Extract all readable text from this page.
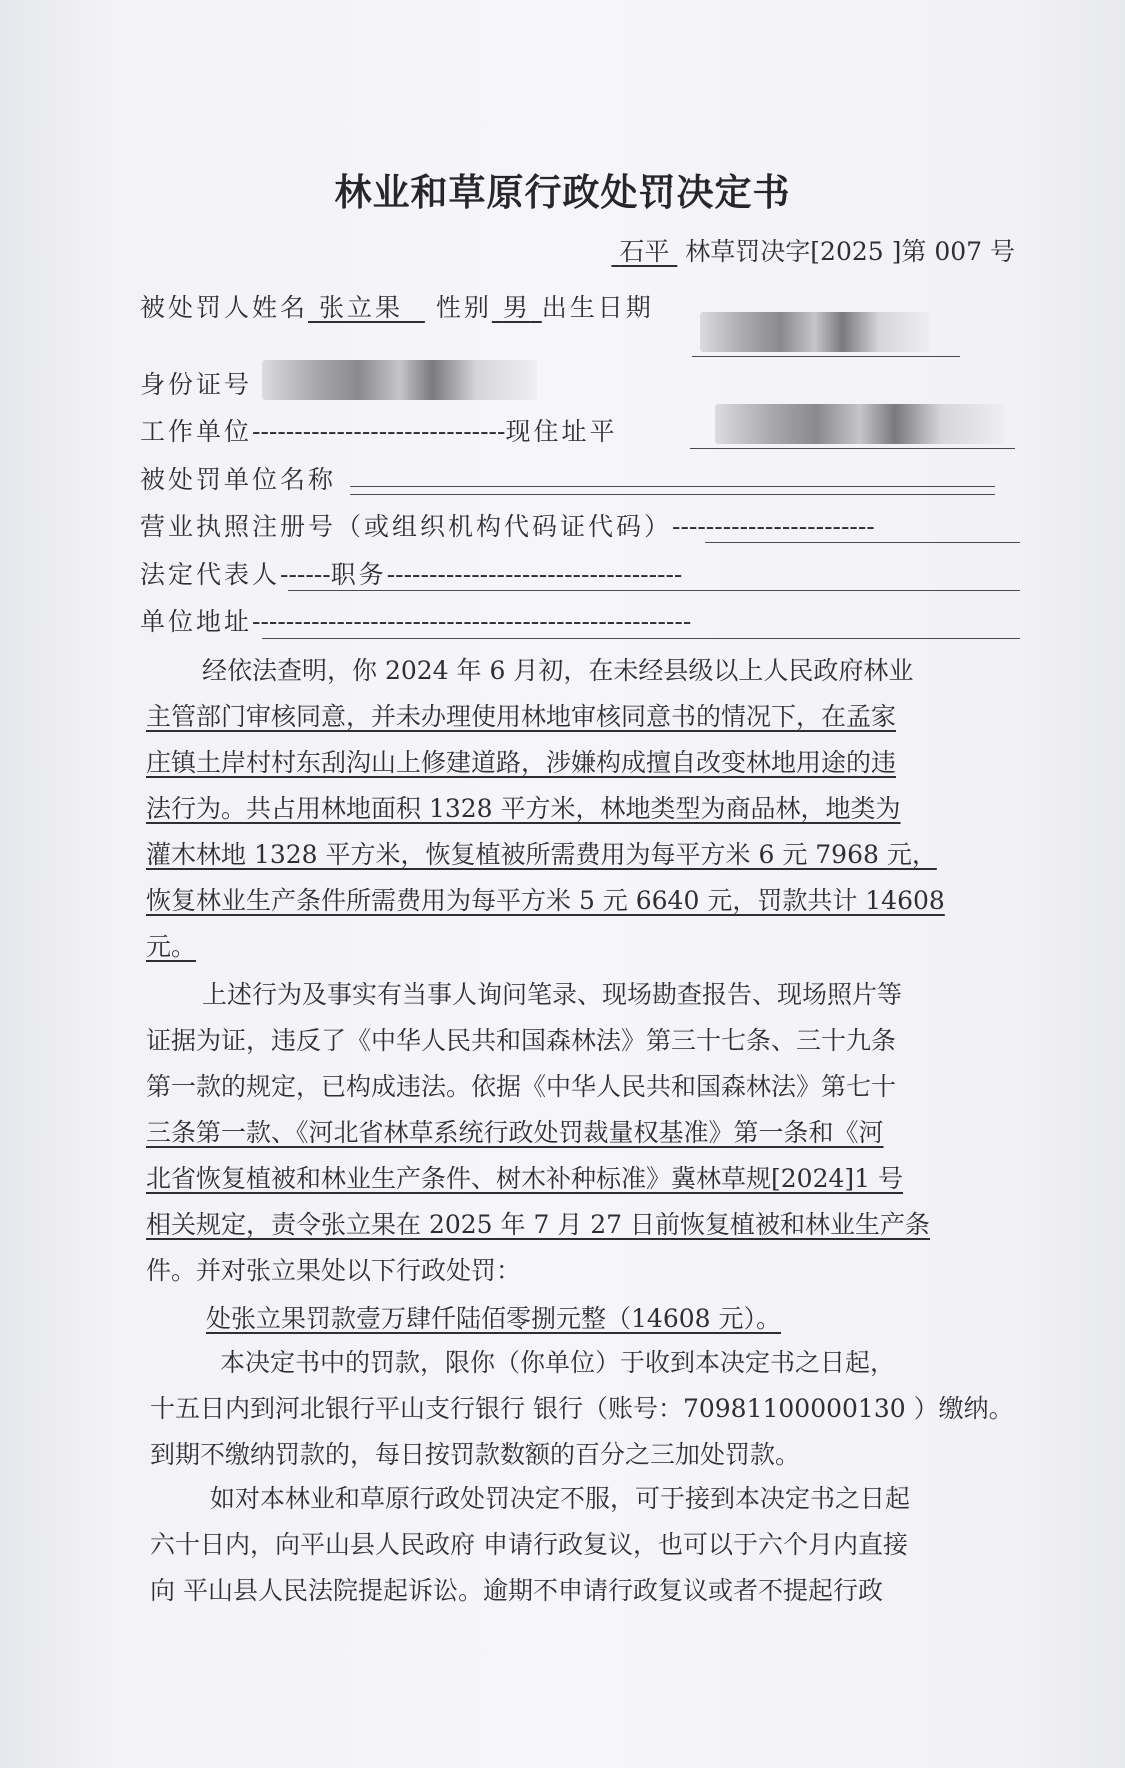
林业和草原行政处罚决定书
石平 林草罚决字[2025 ]第 007 号
被处罚人姓名 张立果 性别 男 出生日期
身份证号
工作单位------------------------------现住址平
被处罚单位名称
营业执照注册号（或组织机构代码证代码）------------------------
法定代表人------职务-----------------------------------
单位地址----------------------------------------------------
经依法查明，你 2024 年 6 月初，在未经县级以上人民政府林业
主管部门审核同意，并未办理使用林地审核同意书的情况下，在孟家
庄镇土岸村村东刮沟山上修建道路，涉嫌构成擅自改变林地用途的违
法行为。共占用林地面积 1328 平方米，林地类型为商品林，地类为
灌木林地 1328 平方米，恢复植被所需费用为每平方米 6 元 7968 元，
恢复林业生产条件所需费用为每平方米 5 元 6640 元，罚款共计 14608
元。
上述行为及事实有当事人询问笔录、现场勘查报告、现场照片等
证据为证，违反了《中华人民共和国森林法》第三十七条、三十九条
第一款的规定，已构成违法。依据《中华人民共和国森林法》第七十
三条第一款、《河北省林草系统行政处罚裁量权基准》第一条和《河
北省恢复植被和林业生产条件、树木补种标准》冀林草规[2024]1 号
相关规定，责令张立果在 2025 年 7 月 27 日前恢复植被和林业生产条
件。并对张立果处以下行政处罚：
处张立果罚款壹万肆仟陆佰零捌元整（14608 元）。
本决定书中的罚款，限你（你单位）于收到本决定书之日起，
十五日内到河北银行平山支行银行 银行（账号：70981100000130 ）缴纳。
到期不缴纳罚款的，每日按罚款数额的百分之三加处罚款。
如对本林业和草原行政处罚决定不服，可于接到本决定书之日起
六十日内，向平山县人民政府 申请行政复议，也可以于六个月内直接
向 平山县人民法院提起诉讼。逾期不申请行政复议或者不提起行政
